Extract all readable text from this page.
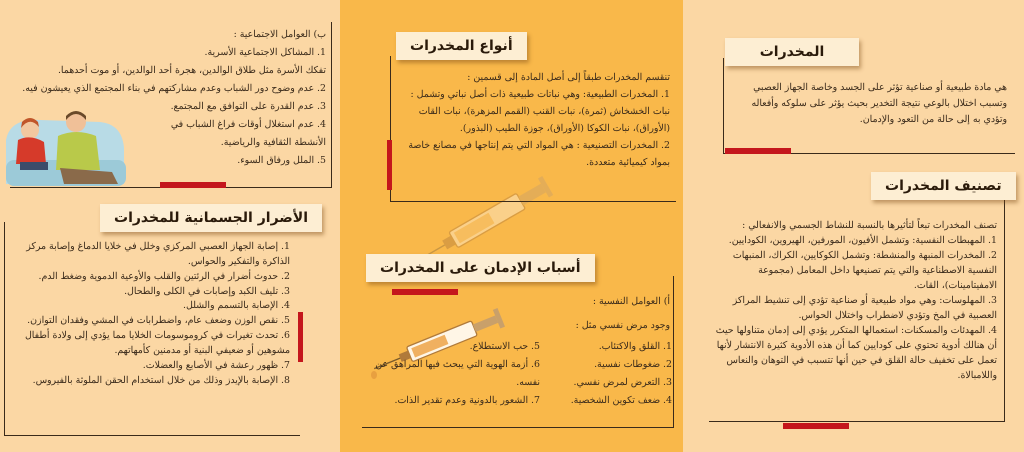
المخدرات
هي مادة طبيعية أو صناعية تؤثر على الجسد وخاصة الجهاز العصبي وتسبب اختلال بالوعي نتيجة التخدير بحيث يؤثر على سلوكه وأفعاله وتؤدي به إلى حالة من التعود والإدمان.
تصنيف المخدرات

تصنف المخدرات تبعاً لتأثيرها بالنسبة للنشاط الجسمي والانفعالي :

1. المهبطات النفسية: وتشمل الأفيون، المورفين، الهيروين، الكودايين.

2. المخدرات المنبهة والمنشطة: وتشمل الكوكايين، الكراك، المنبهات النفسية الاصطناعية والتي يتم تصنيعها داخل المعامل (مجموعة الامفيتامينات)، القات.

3. المهلوسات: وهي مواد طبيعية أو صناعية تؤدي إلى تنشيط المراكز العصبية في المخ وتؤدي لاضطراب واختلال الحواس.

4. المهدئات والمسكنات: استعمالها المتكرر يؤدي إلى إدمان متناولها حيث أن هنالك أدوية تحتوي على كودايين كما أن هذه الأدوية كثيرة الانتشار لأنها تعمل على تخفيف حالة القلق في حين أنها تتسبب في التوهان والنعاس واللامبالاة.

أنواع المخدرات

تنقسم المخدرات طبقاً إلى أصل المادة إلى قسمين :

1. المخدرات الطبيعية: وهي نباتات طبيعية ذات أصل نباتي وتشمل : نبات الخشخاش (ثمرة)، نبات القنب (القمم المزهرة)، نبات القات (الأوراق)، نبات الكوكا (الأوراق)، جوزة الطيب (البذور).

2. المخدرات التصنيعية : هي المواد التي يتم إنتاجها في مصانع خاصة بمواد كيميائية متعددة.

أسباب الإدمان على المخدرات
أ) العوامل النفسية :
وجود مرض نفسي مثل :

1. القلق والاكتئاب.

2. ضغوطات نفسية.

3. التعرض لمرض نفسي.

4. ضعف تكوين الشخصية.

5. حب الاستطلاع.

6. أزمة الهوية التي يبحث فيها المراهق عن نفسه.

7. الشعور بالدونية وعدم تقدير الذات.

ب) العوامل الاجتماعية :

1. المشاكل الاجتماعية الأسرية.

تفكك الأسرة مثل طلاق الوالدين، هجرة أحد الوالدين، أو موت أحدهما.

2. عدم وضوح دور الشباب وعدم مشاركتهم في بناء المجتمع الذي يعيشون فيه.

3. عدم القدرة على التوافق مع المجتمع.

4. عدم استغلال أوقات فراغ الشباب في الأنشطة الثقافية والرياضية.

5. الملل ورفاق السوء.

الأضرار الجسمانية للمخدرات

1. إصابة الجهاز العصبي المركزي وخلل في خلايا الدماغ وإصابة مركز الذاكرة والتفكير والحواس.

2. حدوث أضرار في الرئتين والقلب والأوعية الدموية وضغط الدم.

3. تليف الكبد وإصابات في الكلى والطحال.

4. الإصابة بالتسمم والشلل.

5. نقص الوزن وضعف عام، واضطرابات في المشي وفقدان التوازن.

6. تحدث تغيرات في كروموسومات الخلايا مما يؤدي إلى ولادة أطفال مشوهين أو ضعيفي البنية أو مدمنين كأمهاتهم.

7. ظهور رعشة في الأصابع والعضلات.

8. الإصابة بالإيدز وذلك من خلال استخدام الحقن الملوثة بالفيروس.
